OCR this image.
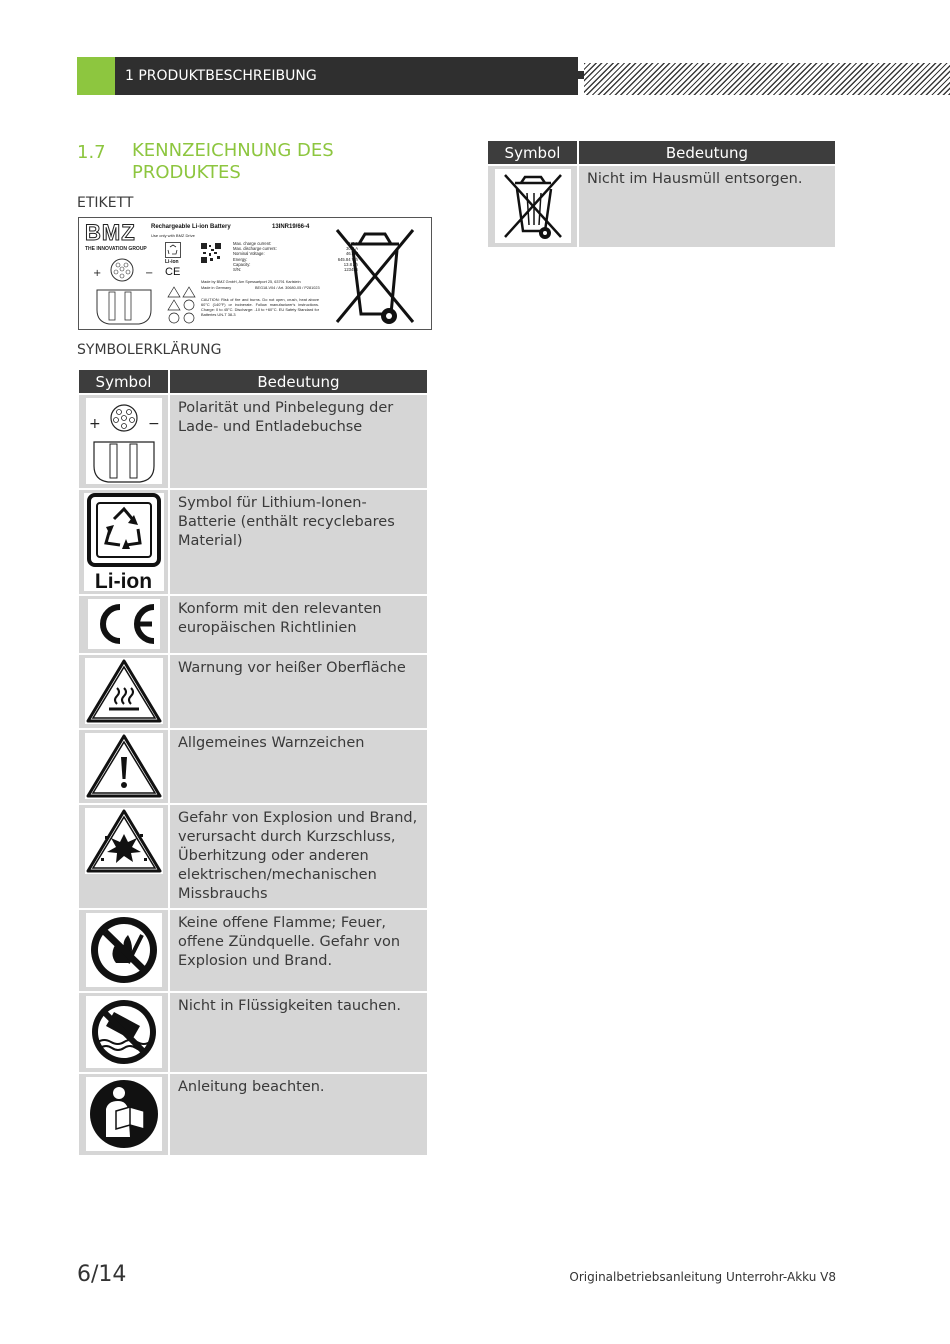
1 PRODUKTBESCHREIBUNG
1.7 KENNZEICHNUNG DES PRODUKTES
ETIKETT
BMZ
THE INNOVATION GROUP
+	−
Rechargeable Li-ion Battery	13INR19/66-4
Use only with BMZ Drive
Li-ion
CE
Max. charge current:	5.0 A
Max. discharge current:	30.0 A
Nominal Voltage:	46.8 V
Energy:	645.84 Wh
Capacity:	13.8 Ah
S/N:	123456
Made by BMZ GmbH, Am Spessartport 25, 63791 Karlstein
Made in Germany	BEG18-V04 / Art. 30680-05 / P281023
CAUTION: Risk of fire and burns. Do not open, crush, heat above 60°C (140°F) or incinerate. Follow manufacturer's instructions. Charge: 0 to 45°C. Discharge: -10 to +60°C. EU Safety Standard for Batteries UN-T 38-3
SYMBOLERKLÄRUNG
Symbol	Bedeutung

+ −	Polarität und Pinbelegung der Lade- und Entladebuchse

Li-ion	Symbol für Lithium-Ionen-Batterie (enthält recyclebares Material)
	Konform mit den relevanten europäischen Richtlinien
	Warnung vor heißer Oberfläche
	Allgemeines Warnzeichen
	Gefahr von Explosion und Brand, verursacht durch Kurzschluss, Überhitzung oder anderen elektrischen/mechanischen Missbrauchs
	Keine offene Flamme; Feuer, offene Zündquelle. Gefahr von Explosion und Brand.
	Nicht in Flüssigkeiten tauchen.
	Anleitung beachten.
Symbol	Bedeutung
	Nicht im Hausmüll entsorgen.
6/14	Originalbetriebsanleitung Unterrohr-Akku V8
